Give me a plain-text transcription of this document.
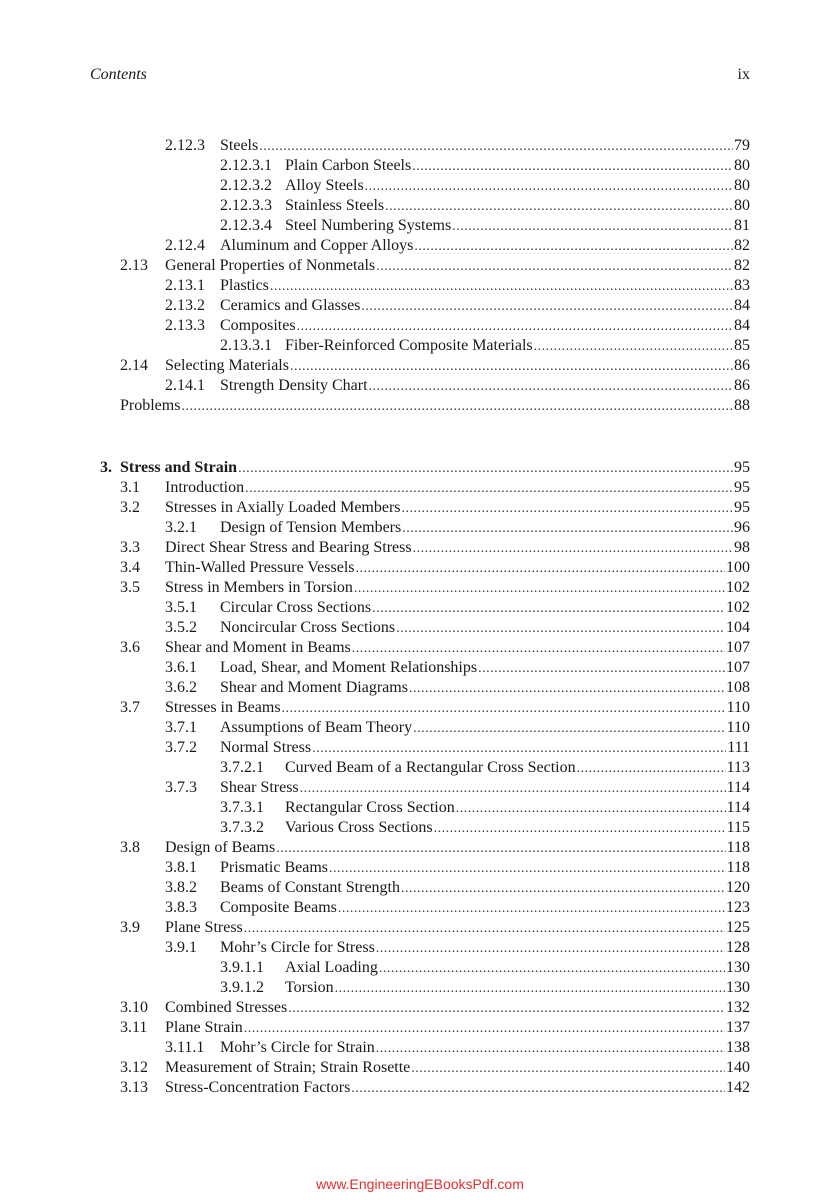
Contents	ix
2.12.3 Steels .....	79
2.12.3.1 Plain Carbon Steels .....	80
2.12.3.2 Alloy Steels .....	80
2.12.3.3 Stainless Steels .....	80
2.12.3.4 Steel Numbering Systems .....	81
2.12.4 Aluminum and Copper Alloys .....	82
2.13 General Properties of Nonmetals .....	82
2.13.1 Plastics .....	83
2.13.2 Ceramics and Glasses .....	84
2.13.3 Composites .....	84
2.13.3.1 Fiber-Reinforced Composite Materials .....	85
2.14 Selecting Materials .....	86
2.14.1 Strength Density Chart .....	86
Problems .....	88
3. Stress and Strain .....	95
3.1 Introduction .....	95
3.2 Stresses in Axially Loaded Members .....	95
3.2.1 Design of Tension Members .....	96
3.3 Direct Shear Stress and Bearing Stress .....	98
3.4 Thin-Walled Pressure Vessels .....	100
3.5 Stress in Members in Torsion .....	102
3.5.1 Circular Cross Sections .....	102
3.5.2 Noncircular Cross Sections .....	104
3.6 Shear and Moment in Beams .....	107
3.6.1 Load, Shear, and Moment Relationships .....	107
3.6.2 Shear and Moment Diagrams .....	108
3.7 Stresses in Beams .....	110
3.7.1 Assumptions of Beam Theory .....	110
3.7.2 Normal Stress .....	111
3.7.2.1 Curved Beam of a Rectangular Cross Section .....	113
3.7.3 Shear Stress .....	114
3.7.3.1 Rectangular Cross Section .....	114
3.7.3.2 Various Cross Sections .....	115
3.8 Design of Beams .....	118
3.8.1 Prismatic Beams .....	118
3.8.2 Beams of Constant Strength .....	120
3.8.3 Composite Beams .....	123
3.9 Plane Stress .....	125
3.9.1 Mohr’s Circle for Stress .....	128
3.9.1.1 Axial Loading .....	130
3.9.1.2 Torsion .....	130
3.10 Combined Stresses .....	132
3.11 Plane Strain .....	137
3.11.1 Mohr’s Circle for Strain .....	138
3.12 Measurement of Strain; Strain Rosette .....	140
3.13 Stress-Concentration Factors .....	142
www.EngineeringEBooksPdf.com
